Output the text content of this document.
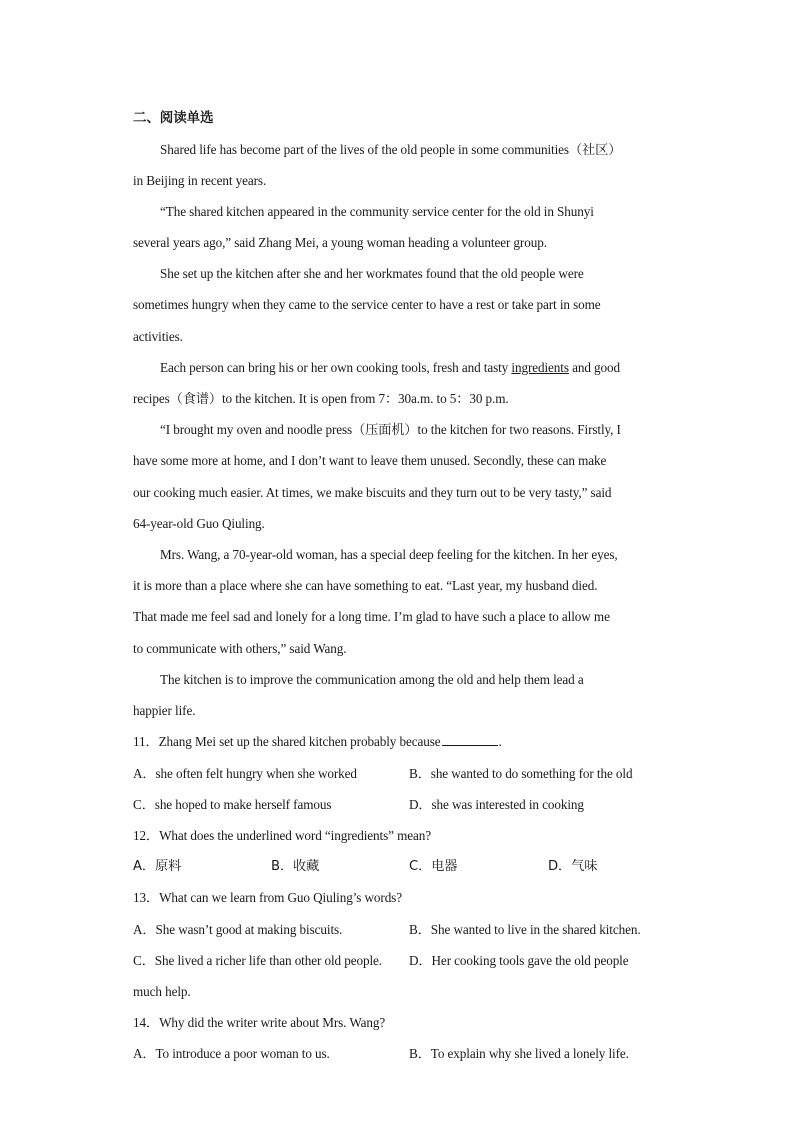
二、阅读单选
Shared life has become part of the lives of the old people in some communities（社区）
in Beijing in recent years.
“The shared kitchen appeared in the community service center for the old in Shunyi
several years ago,” said Zhang Mei, a young woman heading a volunteer group.
She set up the kitchen after she and her workmates found that the old people were
sometimes hungry when they came to the service center to have a rest or take part in some
activities.
Each person can bring his or her own cooking tools, fresh and tasty ingredients and good
recipes（食谱）to the kitchen. It is open from 7：30a.m. to 5：30 p.m.
“I brought my oven and noodle press（压面机）to the kitchen for two reasons. Firstly, I
have some more at home, and I don’t want to leave them unused. Secondly, these can make
our cooking much easier. At times, we make biscuits and they turn out to be very tasty,” said
64-year-old Guo Qiuling.
Mrs. Wang, a 70-year-old woman, has a special deep feeling for the kitchen. In her eyes,
it is more than a place where she can have something to eat. “Last year, my husband died.
That made me feel sad and lonely for a long time. I’m glad to have such a place to allow me
to communicate with others,” said Wang.
The kitchen is to improve the communication among the old and help them lead a
happier life.
11．Zhang Mei set up the shared kitchen probably because	.
A．she often felt hungry when she worked	B．she wanted to do something for the old
C．she hoped to make herself famous	D．she was interested in cooking
12．What does the underlined word “ingredients” mean?
A．原料	B．收藏	C．电器	D．气味
13．What can we learn from Guo Qiuling’s words?
A．She wasn’t good at making biscuits.	B．She wanted to live in the shared kitchen.
C．She lived a richer life than other old people. D．Her cooking tools gave the old people
much help.
14．Why did the writer write about Mrs. Wang?
A．To introduce a poor woman to us.	B．To explain why she lived a lonely life.
